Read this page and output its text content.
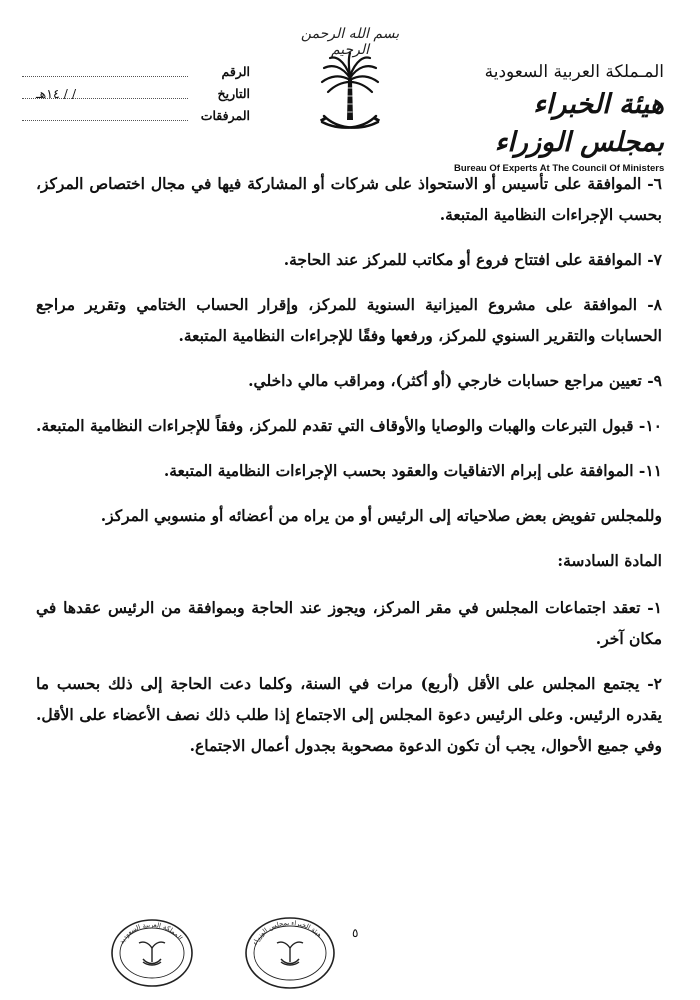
بسم الله الرحمن الرحيم
المـملكة العربية السعودية
هيئة الخبراء بمجلس الوزراء
Bureau Of Experts At The Council Of Ministers
الرقم
التاريخ
/ / ١٤هـ
المرفقات

٦- الموافقة على تأسيس أو الاستحواذ على شركات أو المشاركة فيها في مجال اختصاص المركز، بحسب الإجراءات النظامية المتبعة.

٧- الموافقة على افتتاح فروع أو مكاتب للمركز عند الحاجة.

٨- الموافقة على مشروع الميزانية السنوية للمركز، وإقرار الحساب الختامي وتقرير مراجع الحسابات والتقرير السنوي للمركز، ورفعها وفقًا للإجراءات النظامية المتبعة.

٩- تعيين مراجع حسابات خارجي (أو أكثر)، ومراقب مالي داخلي.

١٠- قبول التبرعات والهبات والوصايا والأوقاف التي تقدم للمركز، وفقاً للإجراءات النظامية المتبعة.

١١- الموافقة على إبرام الاتفاقيات والعقود بحسب الإجراءات النظامية المتبعة.

وللمجلس تفويض بعض صلاحياته إلى الرئيس أو من يراه من أعضائه أو منسوبي المركز.

المادة السادسة:

١- تعقد اجتماعات المجلس في مقر المركز، ويجوز عند الحاجة وبموافقة من الرئيس عقدها في مكان آخر.

٢- يجتمع المجلس على الأقل (أربع) مرات في السنة، وكلما دعت الحاجة إلى ذلك بحسب ما يقدره الرئيس. وعلى الرئيس دعوة المجلس إلى الاجتماع إذا طلب ذلك نصف الأعضاء على الأقل. وفي جميع الأحوال، يجب أن تكون الدعوة مصحوبة بجدول أعمال الاجتماع.

٥
المملكة العربية السعودية
هيئة الخبراء بمجلس الوزراء
